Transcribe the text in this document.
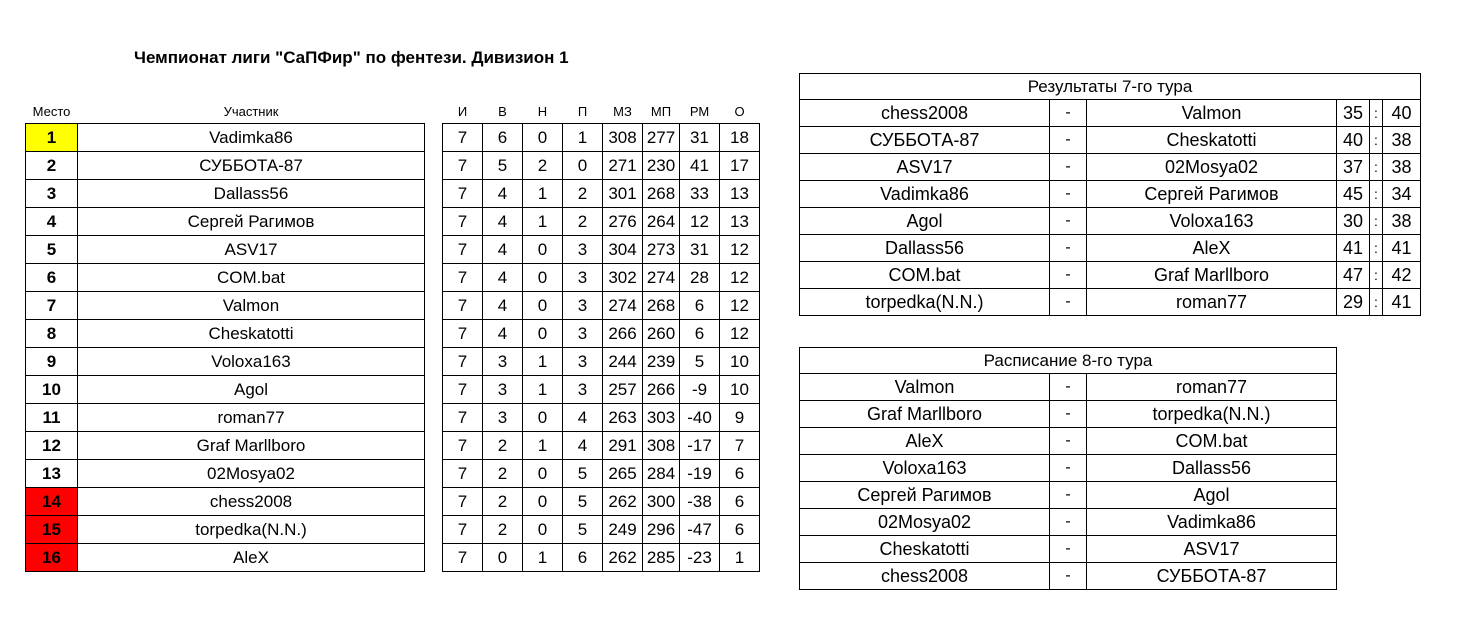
Чемпионат лиги "СаПФир" по фентези. Дивизион 1
Место	Участник		И	В	Н	П	МЗ	МП	РМ	О
1	Vadimka86		7	6	0	1	308	277	31	18
2	СУББОТА-87		7	5	2	0	271	230	41	17
3	Dallass56		7	4	1	2	301	268	33	13
4	Сергей Рагимов		7	4	1	2	276	264	12	13
5	ASV17		7	4	0	3	304	273	31	12
6	COM.bat		7	4	0	3	302	274	28	12
7	Valmon		7	4	0	3	274	268	6	12
8	Cheskatotti		7	4	0	3	266	260	6	12
9	Voloxa163		7	3	1	3	244	239	5	10
10	Agol		7	3	1	3	257	266	-9	10
11	roman77		7	3	0	4	263	303	-40	9
12	Graf Marllboro		7	2	1	4	291	308	-17	7
13	02Mosya02		7	2	0	5	265	284	-19	6
14	chess2008		7	2	0	5	262	300	-38	6
15	torpedka(N.N.)		7	2	0	5	249	296	-47	6
16	AleX		7	0	1	6	262	285	-23	1
Результаты 7-го тура					
chess2008	-	Valmon	35	:	40
СУББОТА-87	-	Cheskatotti	40	:	38
ASV17	-	02Mosya02	37	:	38
Vadimka86	-	Сергей Рагимов	45	:	34
Agol	-	Voloxa163	30	:	38
Dallass56	-	AleX	41	:	41
COM.bat	-	Graf Marllboro	47	:	42
torpedka(N.N.)	-	roman77	29	:	41
Расписание 8-го тура		
Valmon	-	roman77
Graf Marllboro	-	torpedka(N.N.)
AleX	-	COM.bat
Voloxa163	-	Dallass56
Сергей Рагимов	-	Agol
02Mosya02	-	Vadimka86
Cheskatotti	-	ASV17
chess2008	-	СУББОТА-87
